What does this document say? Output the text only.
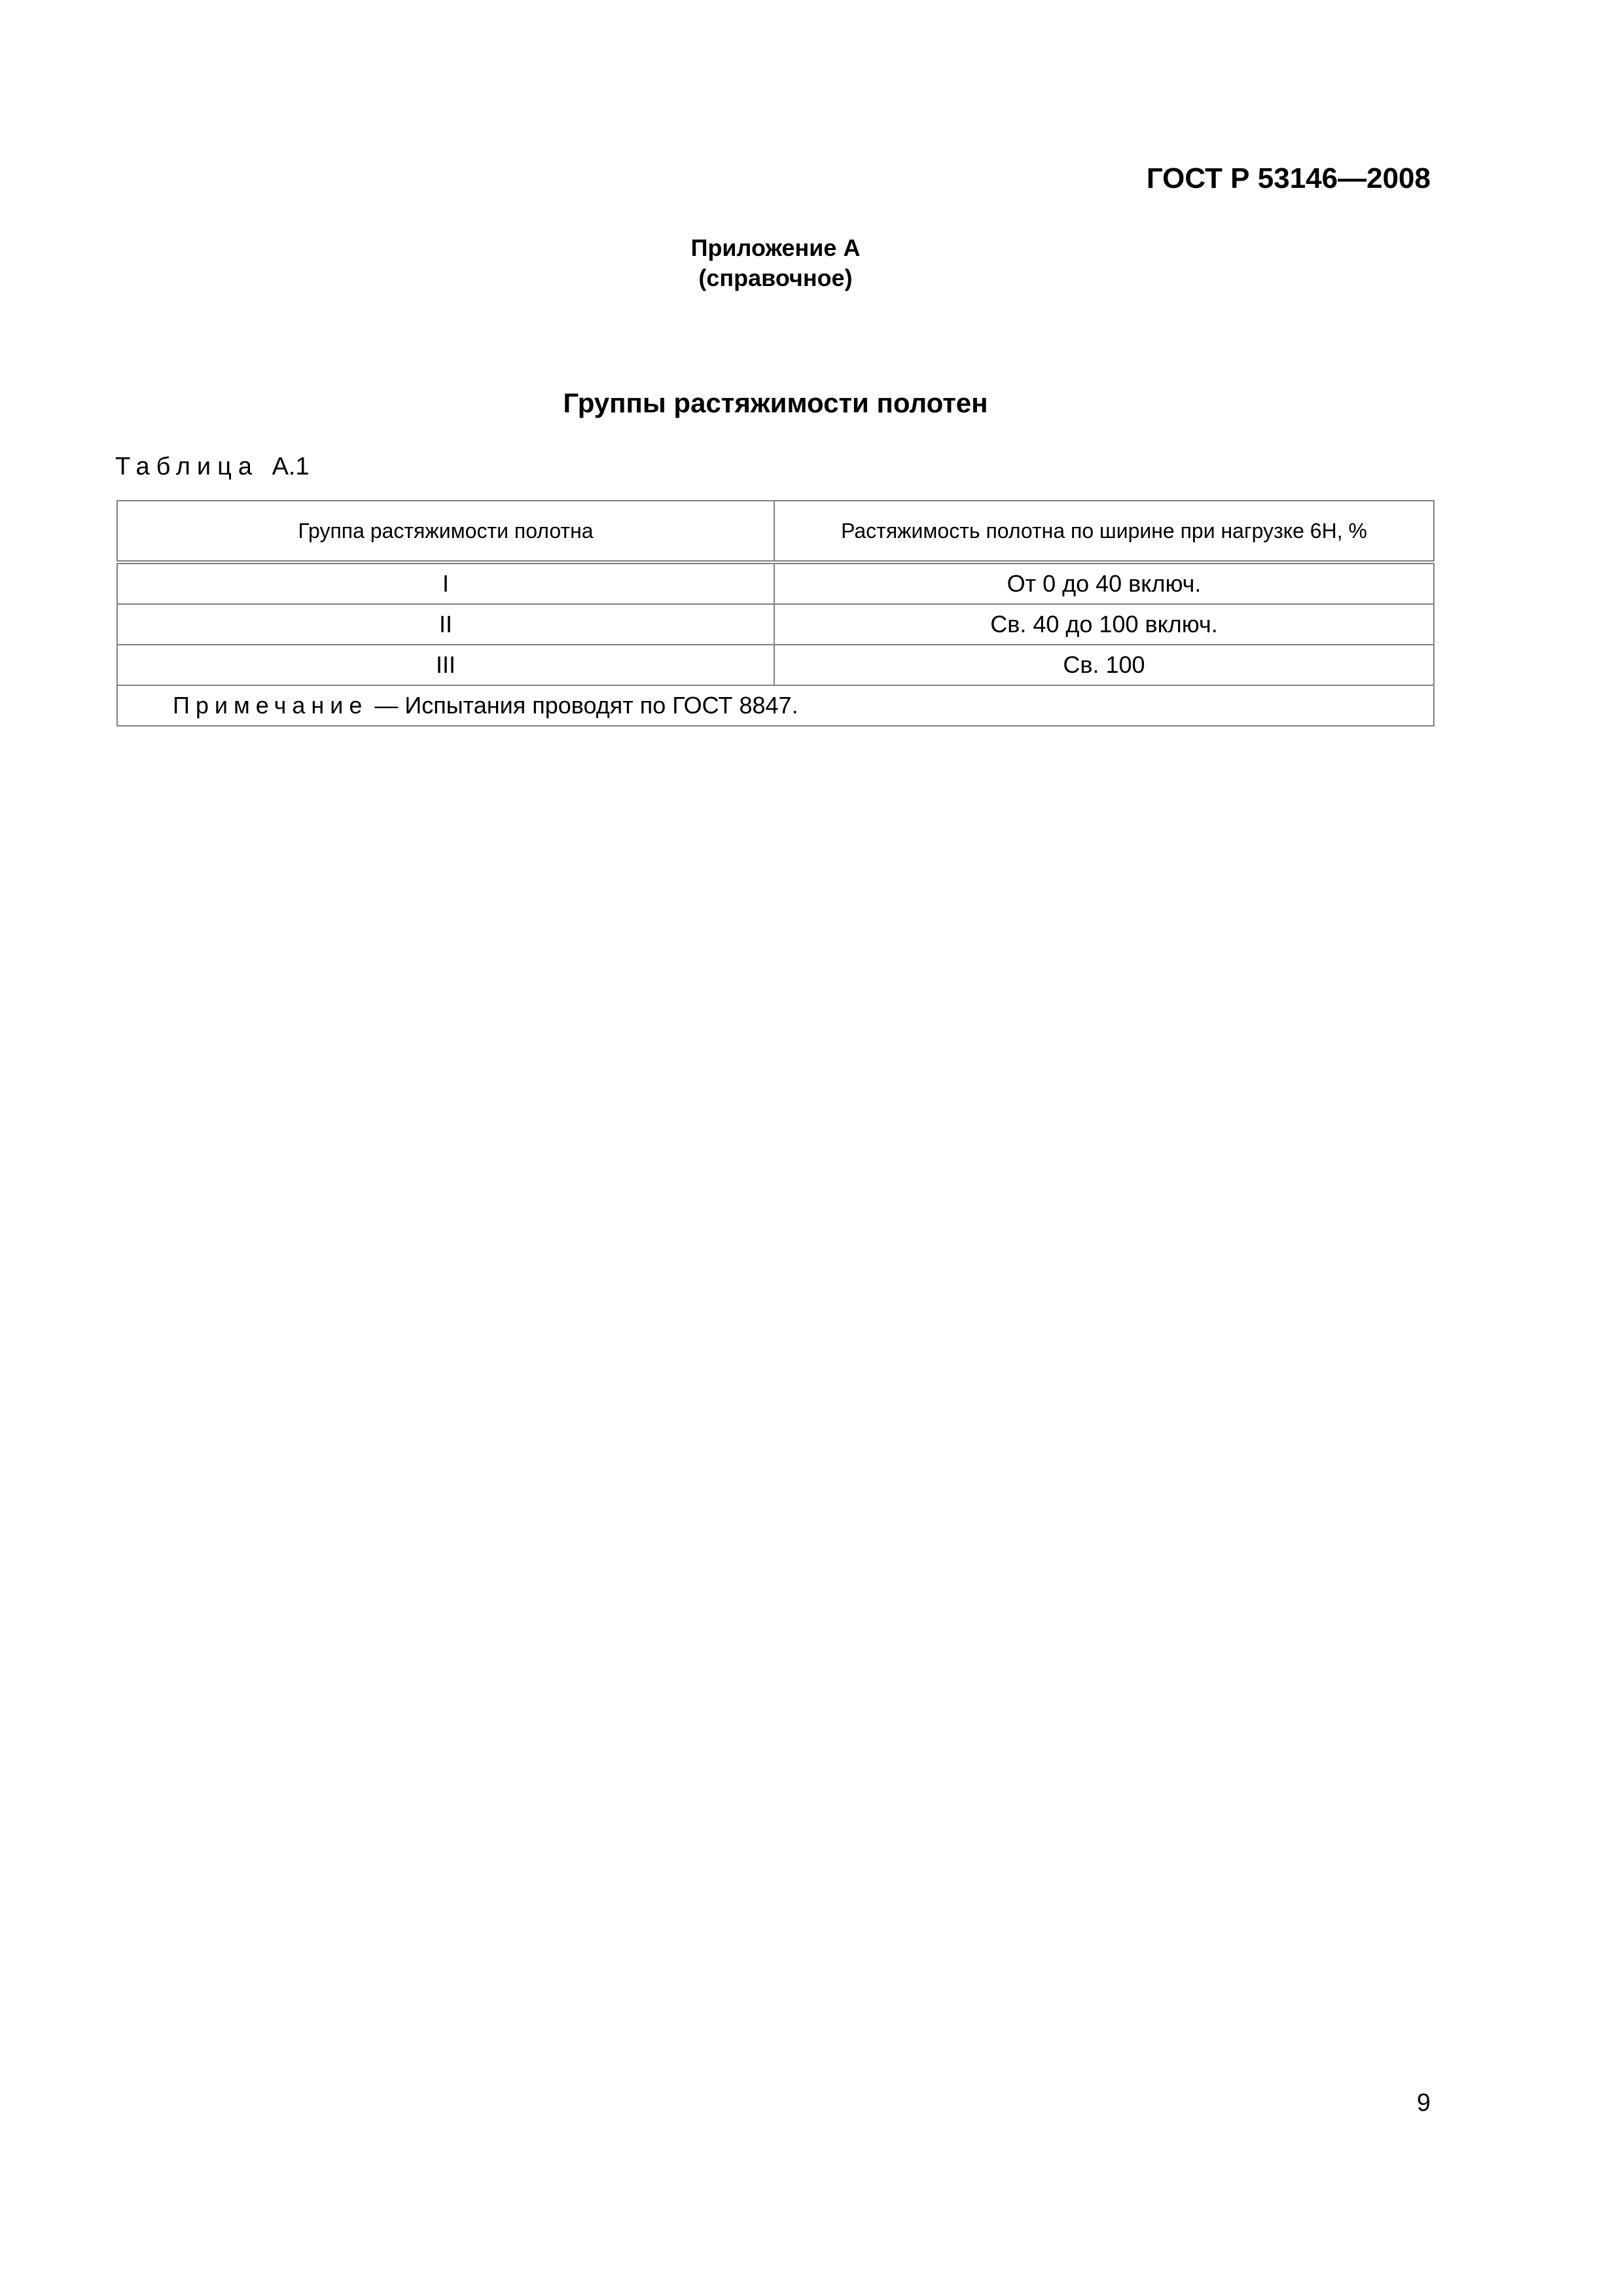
ГОСТ Р 53146—2008
Приложение А
(справочное)
Группы растяжимости полотен
Таблица А.1
Группа растяжимости полотна	Растяжимость полотна по ширине при нагрузке 6Н, %
I	От 0 до 40 включ.
II	Св. 40 до 100 включ.
III	Св. 100
Примечание — Испытания проводят по ГОСТ 8847.	
9
